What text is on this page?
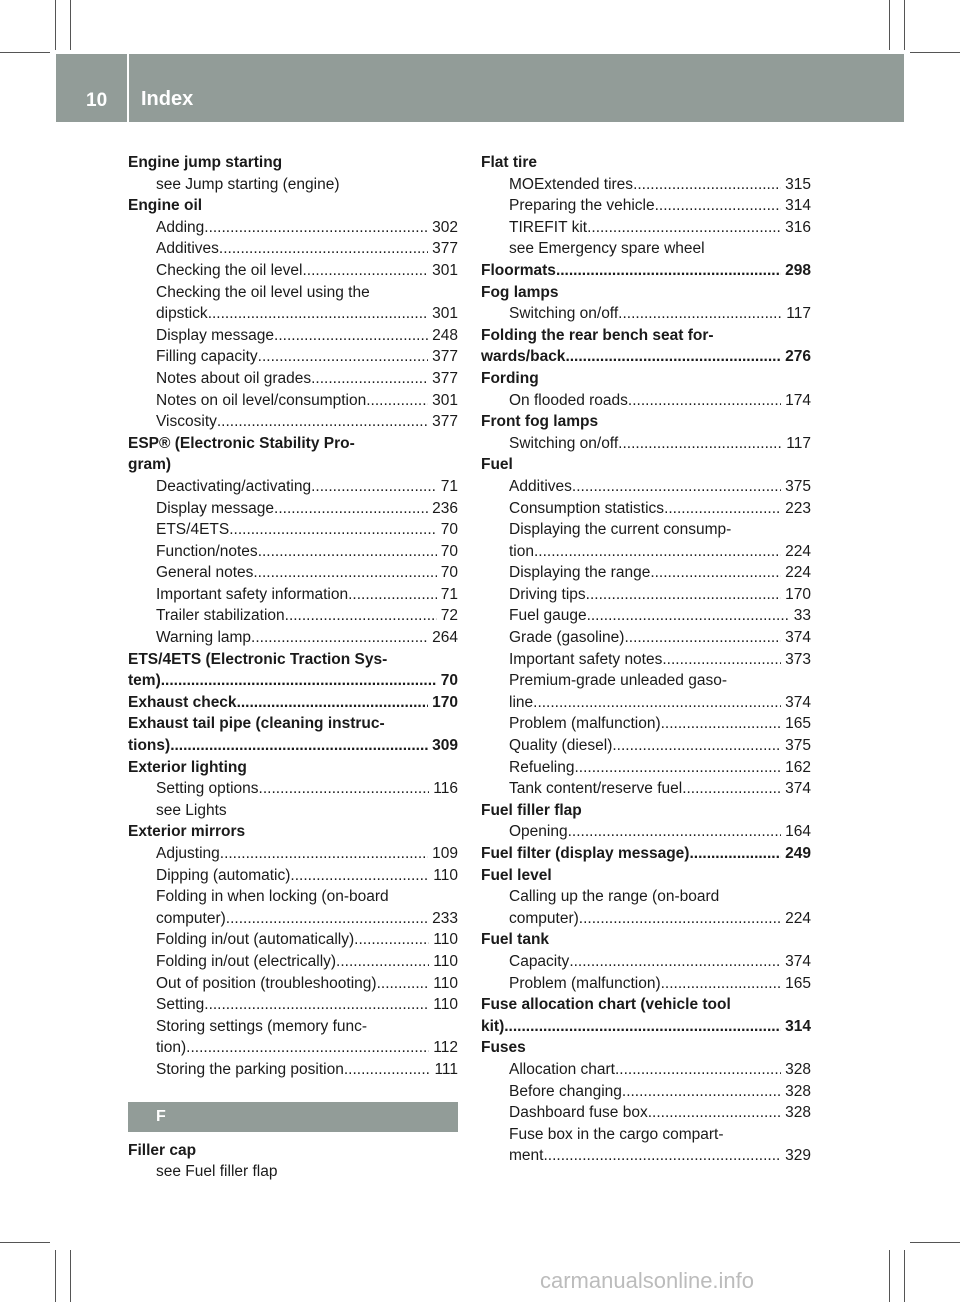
10	Index
Engine jump starting
see Jump starting (engine)
Engine oil
Adding .....	302
Additives .....	377
Checking the oil level .....	301
Checking the oil level using the
dipstick .....	301
Display message .....	248
Filling capacity .....	377
Notes about oil grades .....	377
Notes on oil level/consumption .....	301
Viscosity .....	377
ESP® (Electronic Stability Pro-
gram)
Deactivating/activating .....	71
Display message .....	236
ETS/4ETS .....	70
Function/notes .....	70
General notes .....	70
Important safety information .....	71
Trailer stabilization .....	72
Warning lamp .....	264
ETS/4ETS (Electronic Traction Sys-
tem) .....	70
Exhaust check .....	170
Exhaust tail pipe (cleaning instruc-
tions) .....	309
Exterior lighting
Setting options .....	116
see Lights
Exterior mirrors
Adjusting .....	109
Dipping (automatic) .....	110
Folding in when locking (on-board
computer) .....	233
Folding in/out (automatically) .....	110
Folding in/out (electrically) .....	110
Out of position (troubleshooting) .....	110
Setting .....	110
Storing settings (memory func-
tion) .....	112
Storing the parking position .....	111
F
Filler cap
see Fuel filler flap
Flat tire
MOExtended tires .....	315
Preparing the vehicle .....	314
TIREFIT kit .....	316
see Emergency spare wheel
Floormats .....	298
Fog lamps
Switching on/off .....	117
Folding the rear bench seat for-
wards/back .....	276
Fording
On flooded roads .....	174
Front fog lamps
Switching on/off .....	117
Fuel
Additives .....	375
Consumption statistics .....	223
Displaying the current consump-
tion .....	224
Displaying the range .....	224
Driving tips .....	170
Fuel gauge .....	33
Grade (gasoline) .....	374
Important safety notes .....	373
Premium-grade unleaded gaso-
line .....	374
Problem (malfunction) .....	165
Quality (diesel) .....	375
Refueling .....	162
Tank content/reserve fuel .....	374
Fuel filler flap
Opening .....	164
Fuel filter (display message) .....	249
Fuel level
Calling up the range (on-board
computer) .....	224
Fuel tank
Capacity .....	374
Problem (malfunction) .....	165
Fuse allocation chart (vehicle tool
kit) .....	314
Fuses
Allocation chart .....	328
Before changing .....	328
Dashboard fuse box .....	328
Fuse box in the cargo compart-
ment .....	329
carmanualsonline.info
